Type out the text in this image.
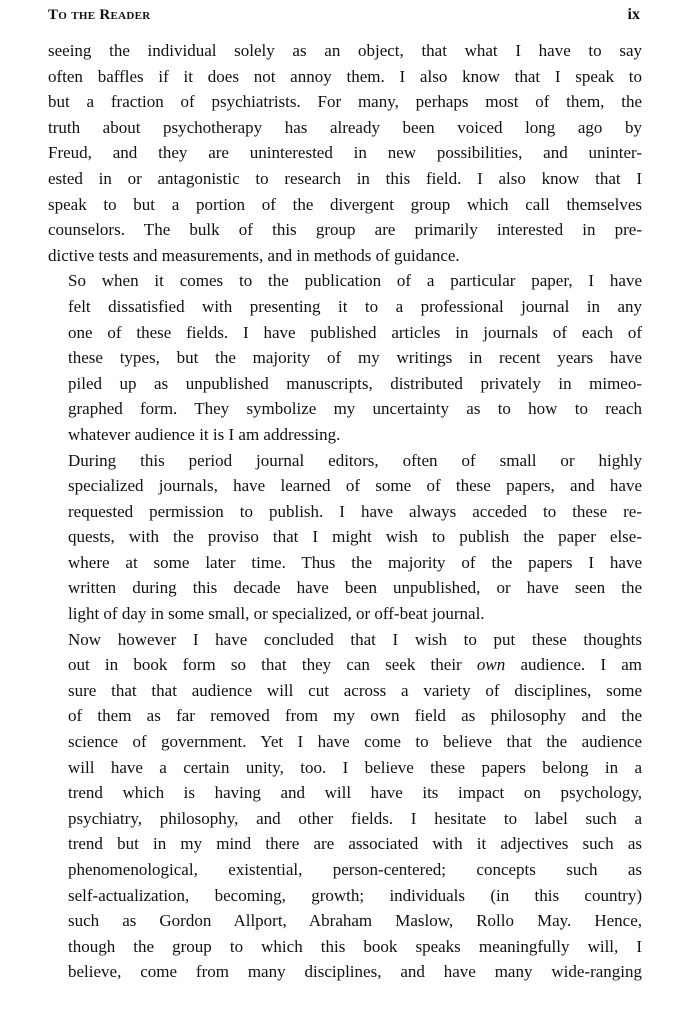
To the Reader	ix

seeing the individual solely as an object, that what I have to say
often baffles if it does not annoy them. I also know that I speak to
but a fraction of psychiatrists. For many, perhaps most of them, the
truth about psychotherapy has already been voiced long ago by
Freud, and they are uninterested in new possibilities, and uninter-
ested in or antagonistic to research in this field. I also know that I
speak to but a portion of the divergent group which call themselves
counselors. The bulk of this group are primarily interested in pre-
dictive tests and measurements, and in methods of guidance.

So when it comes to the publication of a particular paper, I have
felt dissatisfied with presenting it to a professional journal in any
one of these fields. I have published articles in journals of each of
these types, but the majority of my writings in recent years have
piled up as unpublished manuscripts, distributed privately in mimeo-
graphed form. They symbolize my uncertainty as to how to reach
whatever audience it is I am addressing.

During this period journal editors, often of small or highly
specialized journals, have learned of some of these papers, and have
requested permission to publish. I have always acceded to these re-
quests, with the proviso that I might wish to publish the paper else-
where at some later time. Thus the majority of the papers I have
written during this decade have been unpublished, or have seen the
light of day in some small, or specialized, or off-beat journal.

Now however I have concluded that I wish to put these thoughts
out in book form so that they can seek their own audience. I am
sure that that audience will cut across a variety of disciplines, some
of them as far removed from my own field as philosophy and the
science of government. Yet I have come to believe that the audience
will have a certain unity, too. I believe these papers belong in a
trend which is having and will have its impact on psychology,
psychiatry, philosophy, and other fields. I hesitate to label such a
trend but in my mind there are associated with it adjectives such as
phenomenological, existential, person-centered; concepts such as
self-actualization, becoming, growth; individuals (in this country)
such as Gordon Allport, Abraham Maslow, Rollo May. Hence,
though the group to which this book speaks meaningfully will, I
believe, come from many disciplines, and have many wide-ranging
